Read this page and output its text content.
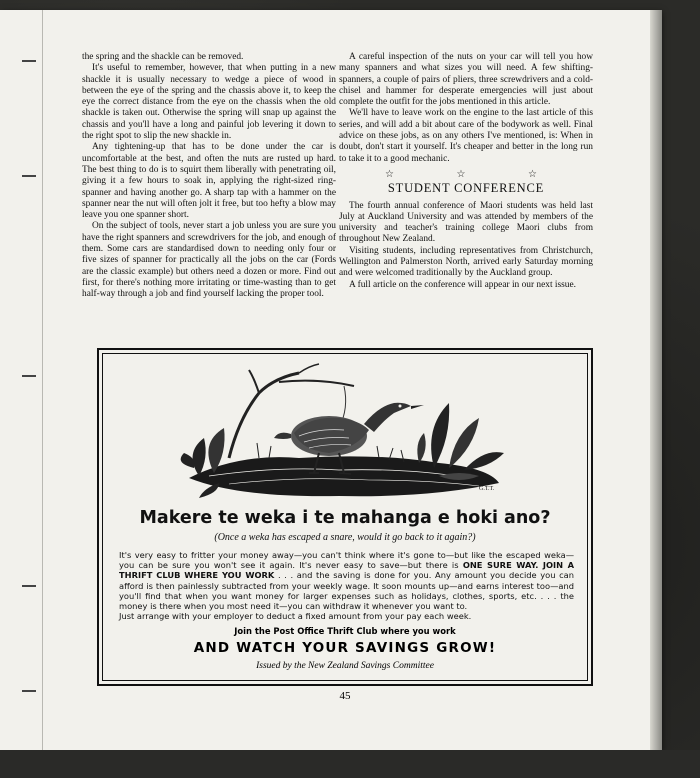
the spring and the shackle can be removed.

It's useful to remember, however, that when putting in a new shackle it is usually necessary to wedge a piece of wood in between the eye of the spring and the chassis above it, to keep the eye the correct distance from the eye on the chassis when the old shackle is taken out. Otherwise the spring will snap up against the chassis and you'll have a long and painful job levering it down to the right spot to slip the new shackle in.

Any tightening-up that has to be done under the car is uncomfortable at the best, and often the nuts are rusted up hard. The best thing to do is to squirt them liberally with penetrating oil, giving it a few hours to soak in, applying the right-sized ring-spanner and having another go. A sharp tap with a hammer on the spanner near the nut will often jolt it free, but too hefty a blow may leave you one spanner short.

On the subject of tools, never start a job unless you are sure you have the right spanners and screwdrivers for the job, and enough of them. Some cars are standardised down to needing only four or five sizes of spanner for practically all the jobs on the car (Fords are the classic example) but others need a dozen or more. Find out first, for there's nothing more irritating or time-wasting than to get half-way through a job and find yourself lacking the proper tool.

A careful inspection of the nuts on your car will tell you how many spanners and what sizes you will need. A few shifting-spanners, a couple of pairs of pliers, three screwdrivers and a cold-chisel and hammer for desperate emergencies will just about complete the outfit for the jobs mentioned in this article.

We'll have to leave work on the engine to the last article of this series, and will add a bit about care of the bodywork as well. Final advice on these jobs, as on any others I've mentioned, is: When in doubt, don't start it yourself. It's cheaper and better in the long run to take it to a good mechanic.

☆ ☆ ☆
STUDENT CONFERENCE

The fourth annual conference of Maori students was held last July at Auckland University and was attended by members of the university and teacher's training college Maori clubs from throughout New Zealand.

Visiting students, including representatives from Christchurch, Wellington and Palmerston North, arrived early Saturday morning and were welcomed traditionally by the Auckland group.

A full article on the conference will appear in our next issue.

G.T.T.
Makere te weka i te mahanga e hoki ano?
(Once a weka has escaped a snare, would it go back to it again?)
It's very easy to fritter your money away—you can't think where it's gone to—but like the escaped weka—you can be sure you won't see it again. It's never easy to save—but there is ONE SURE WAY. JOIN A THRIFT CLUB WHERE YOU WORK . . . and the saving is done for you. Any amount you decide you can afford is then painlessly subtracted from your weekly wage. It soon mounts up—and earns interest too—and you'll find that when you want money for larger expenses such as holidays, clothes, sports, etc. . . . the money is there when you most need it—you can withdraw it whenever you want to.
Just arrange with your employer to deduct a fixed amount from your pay each week.
Join the Post Office Thrift Club where you work
AND WATCH YOUR SAVINGS GROW!
Issued by the New Zealand Savings Committee
45
